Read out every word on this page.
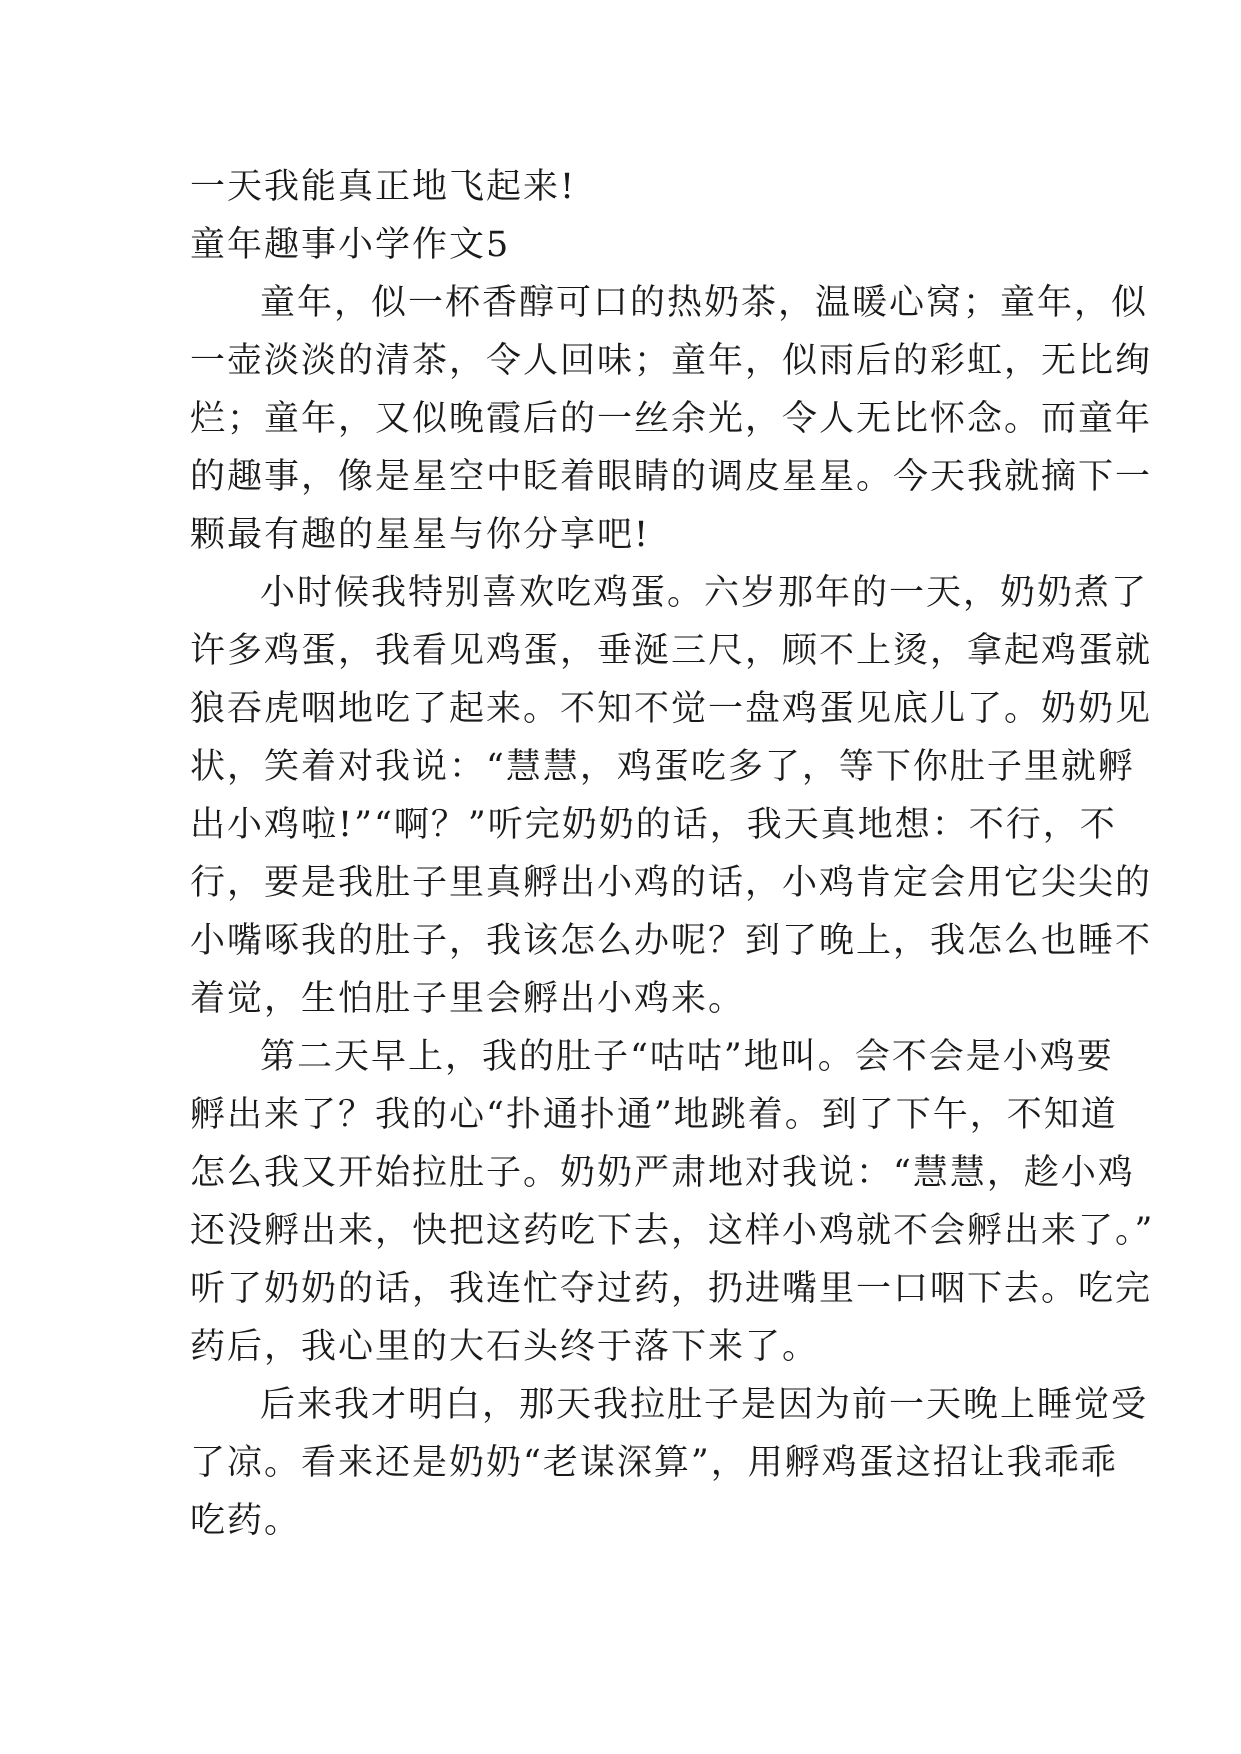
一天我能真正地飞起来!

童年趣事小学作文5

童年，似一杯香醇可口的热奶茶，温暖心窝；童年，似
一壶淡淡的清茶，令人回味；童年，似雨后的彩虹，无比绚
烂；童年，又似晚霞后的一丝余光，令人无比怀念。而童年
的趣事，像是星空中眨着眼睛的调皮星星。今天我就摘下一
颗最有趣的星星与你分享吧!

小时候我特别喜欢吃鸡蛋。六岁那年的一天，奶奶煮了
许多鸡蛋，我看见鸡蛋，垂涎三尺，顾不上烫，拿起鸡蛋就
狼吞虎咽地吃了起来。不知不觉一盘鸡蛋见底儿了。奶奶见
状，笑着对我说：“慧慧，鸡蛋吃多了，等下你肚子里就孵
出小鸡啦!”“啊？”听完奶奶的话，我天真地想：不行，不
行，要是我肚子里真孵出小鸡的话，小鸡肯定会用它尖尖的
小嘴啄我的肚子，我该怎么办呢？到了晚上，我怎么也睡不
着觉，生怕肚子里会孵出小鸡来。

第二天早上，我的肚子“咕咕”地叫。会不会是小鸡要
孵出来了？我的心“扑通扑通”地跳着。到了下午，不知道
怎么我又开始拉肚子。奶奶严肃地对我说：“慧慧，趁小鸡
还没孵出来，快把这药吃下去，这样小鸡就不会孵出来了。”
听了奶奶的话，我连忙夺过药，扔进嘴里一口咽下去。吃完
药后，我心里的大石头终于落下来了。

后来我才明白，那天我拉肚子是因为前一天晚上睡觉受
了凉。看来还是奶奶“老谋深算”，用孵鸡蛋这招让我乖乖
吃药。
